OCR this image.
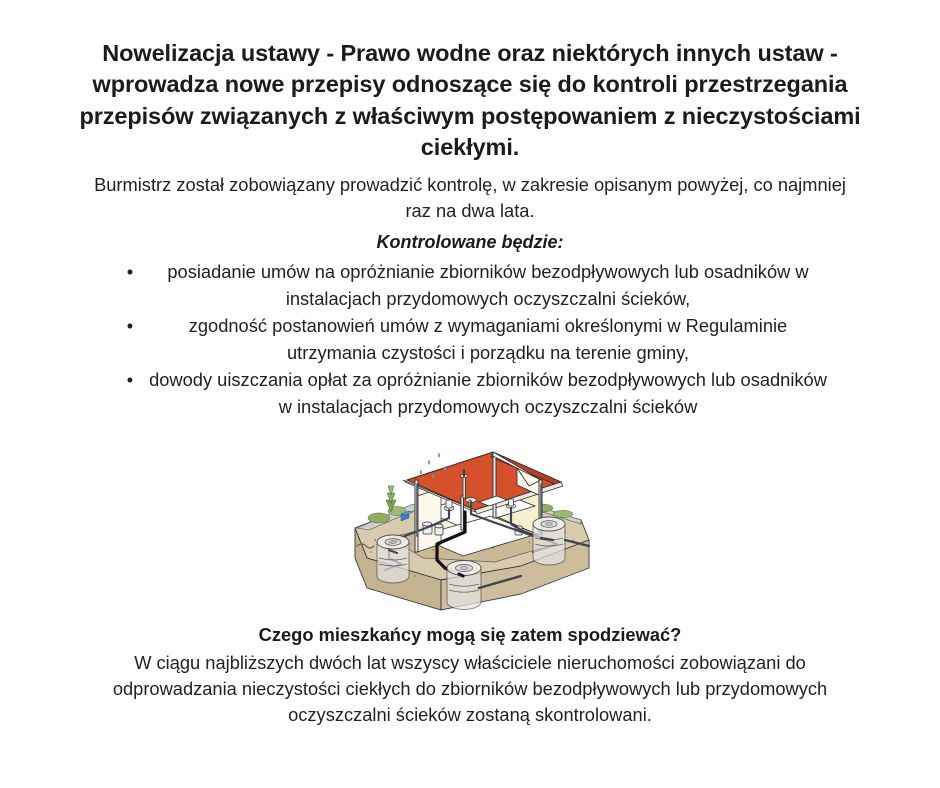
Nowelizacja ustawy - Prawo wodne oraz niektórych innych ustaw - wprowadza nowe przepisy odnoszące się do kontroli przestrzegania przepisów związanych z właściwym postępowaniem z nieczystościami ciekłymi.
Burmistrz został zobowiązany prowadzić kontrolę, w zakresie opisanym powyżej, co najmniej raz na dwa lata.
Kontrolowane będzie:
•	posiadanie umów na opróżnianie zbiorników bezodpływowych lub osadników w instalacjach przydomowych oczyszczalni ścieków,
•	zgodność postanowień umów z wymaganiami określonymi w Regulaminie utrzymania czystości i porządku na terenie gminy,
• dowody uiszczania opłat za opróżnianie zbiorników bezodpływowych lub osadników w instalacjach przydomowych oczyszczalni ścieków
Czego mieszkańcy mogą się zatem spodziewać?
W ciągu najbliższych dwóch lat wszyscy właściciele nieruchomości zobowiązani do odprowadzania nieczystości ciekłych do zbiorników bezodpływowych lub przydomowych oczyszczalni ścieków zostaną skontrolowani.
